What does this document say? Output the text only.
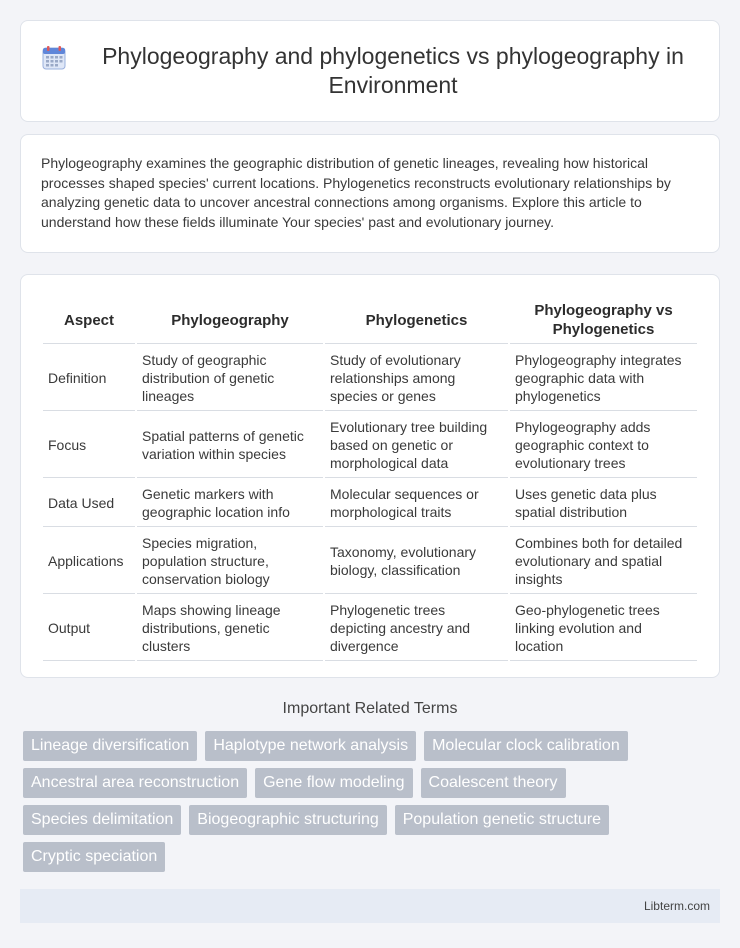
Phylogeography and phylogenetics vs phylogeography in Environment

Phylogeography examines the geographic distribution of genetic lineages, revealing how historical processes shaped species' current locations. Phylogenetics reconstructs evolutionary relationships by analyzing genetic data to uncover ancestral connections among organisms. Explore this article to understand how these fields illuminate Your species' past and evolutionary journey.

Aspect	Phylogeography	Phylogenetics	Phylogeography vs Phylogenetics
Definition	Study of geographic distribution of genetic lineages	Study of evolutionary relationships among species or genes	Phylogeography integrates geographic data with phylogenetics
Focus	Spatial patterns of genetic variation within species	Evolutionary tree building based on genetic or morphological data	Phylogeography adds geographic context to evolutionary trees
Data Used	Genetic markers with geographic location info	Molecular sequences or morphological traits	Uses genetic data plus spatial distribution
Applications	Species migration, population structure, conservation biology	Taxonomy, evolutionary biology, classification	Combines both for detailed evolutionary and spatial insights
Output	Maps showing lineage distributions, genetic clusters	Phylogenetic trees depicting ancestry and divergence	Geo-phylogenetic trees linking evolution and location
Important Related Terms
Lineage diversification	Haplotype network analysis	Molecular clock calibration
Ancestral area reconstruction	Gene flow modeling	Coalescent theory
Species delimitation	Biogeographic structuring	Population genetic structure
Cryptic speciation
Libterm.com
